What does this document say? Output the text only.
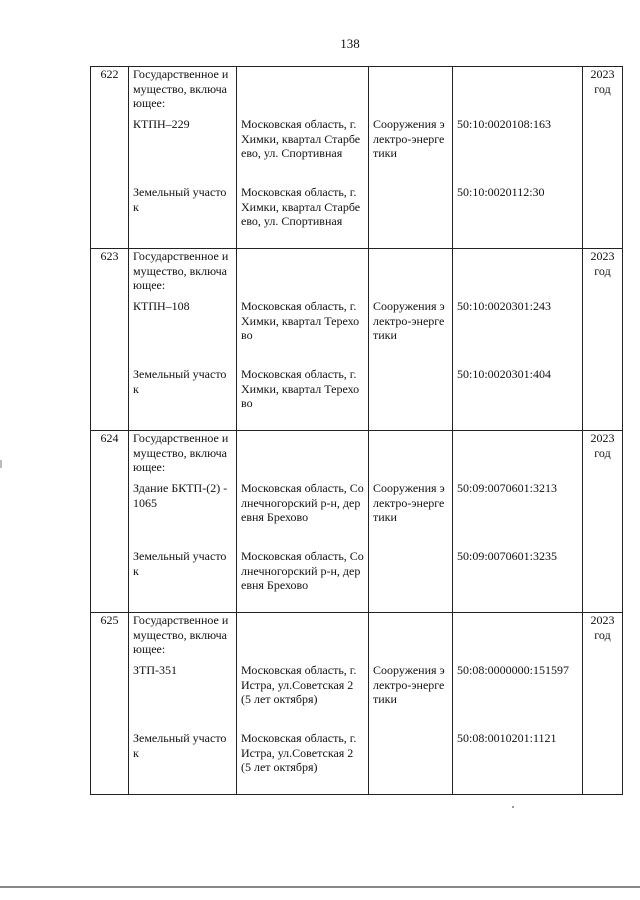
138
622	Государственное имущество, включающее:				2023 год

	КТПН–229	Московская область, г. Химки, квартал Старбеево, ул. Спортивная	Сооружения электро-энергетики	50:10:0020108:163	

	Земельный участок	Московская область, г. Химки, квартал Старбеево, ул. Спортивная		50:10:0020112:30	

623	Государственное имущество, включающее:				2023 год

	КТПН–108	Московская область, г. Химки, квартал Терехово	Сооружения электро-энергетики	50:10:0020301:243	

	Земельный участок	Московская область, г. Химки, квартал Терехово		50:10:0020301:404	

624	Государственное имущество, включающее:				2023 год

	Здание БКТП-(2) -1065	Московская область, Солнечногорский р-н, деревня Брехово	Сооружения электро-энергетики	50:09:0070601:3213	

	Земельный участок	Московская область, Солнечногорский р-н, деревня Брехово		50:09:0070601:3235	

625	Государственное имущество, включающее:				2023 год

	ЗТП-351	Московская область, г.Истра, ул.Советская 2 (5 лет октября)	Сооружения электро-энергетики	50:08:0000000:151597	

	Земельный участок	Московская область, г.Истра, ул.Советская 2 (5 лет октября)		50:08:0010201:1121	
